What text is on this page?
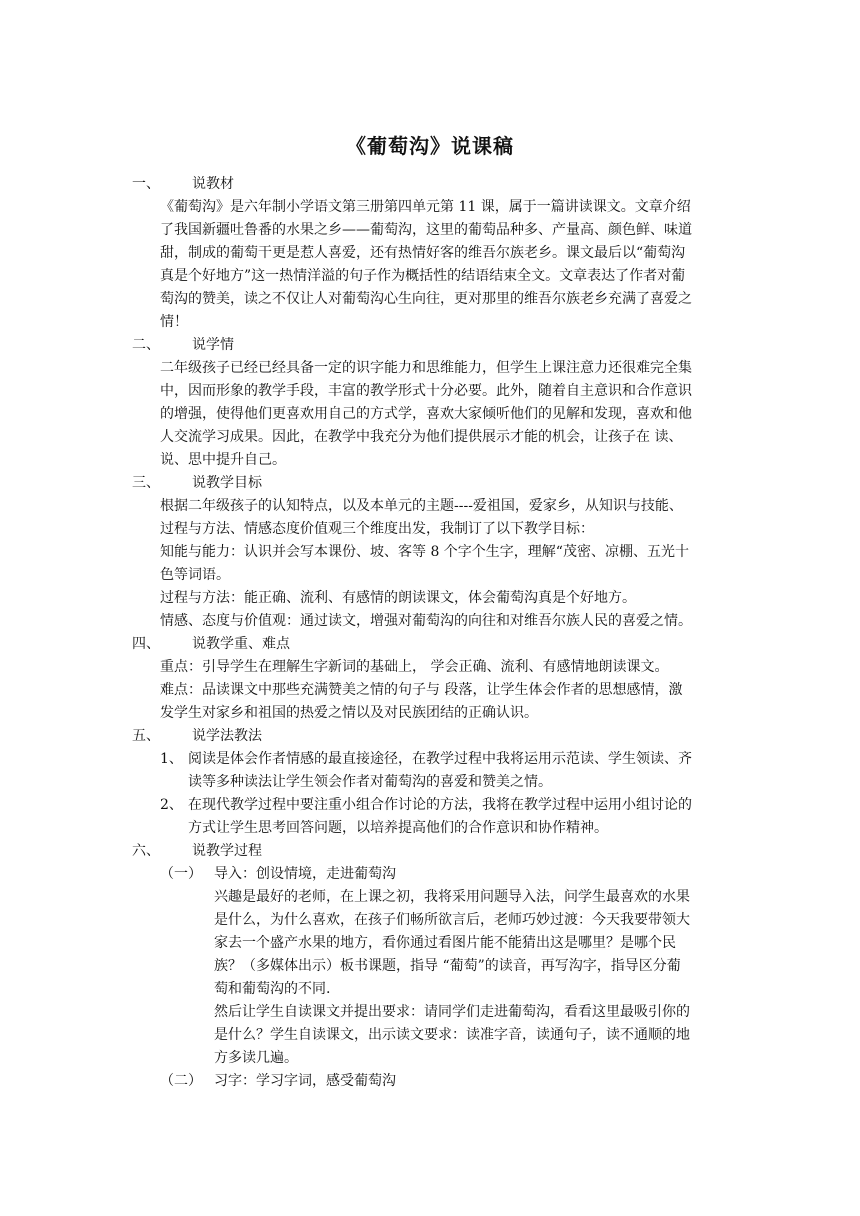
《葡萄沟》说课稿
一、 说教材
《葡萄沟》是六年制小学语文第三册第四单元第 11 课，属于一篇讲读课文。文章介绍
了我国新疆吐鲁番的水果之乡——葡萄沟，这里的葡萄品种多、产量高、颜色鲜、味道
甜，制成的葡萄干更是惹人喜爱，还有热情好客的维吾尔族老乡。课文最后以“葡萄沟
真是个好地方”这一热情洋溢的句子作为概括性的结语结束全文。文章表达了作者对葡
萄沟的赞美，读之不仅让人对葡萄沟心生向往，更对那里的维吾尔族老乡充满了喜爱之
情！
二、 说学情
二年级孩子已经已经具备一定的识字能力和思维能力，但学生上课注意力还很难完全集
中，因而形象的教学手段，丰富的教学形式十分必要。此外，随着自主意识和合作意识
的增强，使得他们更喜欢用自己的方式学，喜欢大家倾听他们的见解和发现，喜欢和他
人交流学习成果。因此，在教学中我充分为他们提供展示才能的机会，让孩子在 读、
说、思中提升自己。
三、 说教学目标
根据二年级孩子的认知特点，以及本单元的主题----爱祖国，爱家乡，从知识与技能、
过程与方法、情感态度价值观三个维度出发，我制订了以下教学目标：
知能与能力：认识并会写本课份、坡、客等 8 个字个生字，理解“茂密、凉棚、五光十
色等词语。
过程与方法：能正确、流利、有感情的朗读课文，体会葡萄沟真是个好地方。
情感、态度与价值观：通过读文，增强对葡萄沟的向往和对维吾尔族人民的喜爱之情。
四、 说教学重、难点
重点：引导学生在理解生字新词的基础上， 学会正确、流利、有感情地朗读课文。
难点：品读课文中那些充满赞美之情的句子与 段落，让学生体会作者的思想感情，激
发学生对家乡和祖国的热爱之情以及对民族团结的正确认识。
五、 说学法教法
1、 阅读是体会作者情感的最直接途径，在教学过程中我将运用示范读、学生领读、齐
读等多种读法让学生领会作者对葡萄沟的喜爱和赞美之情。
2、 在现代教学过程中要注重小组合作讨论的方法，我将在教学过程中运用小组讨论的
方式让学生思考回答问题，以培养提高他们的合作意识和协作精神。
六、 说教学过程
（一） 导入：创设情境，走进葡萄沟
兴趣是最好的老师，在上课之初，我将采用问题导入法，问学生最喜欢的水果
是什么，为什么喜欢，在孩子们畅所欲言后，老师巧妙过渡：今天我要带领大
家去一个盛产水果的地方，看你通过看图片能不能猜出这是哪里？是哪个民
族？（多媒体出示）板书课题，指导 “葡萄”的读音，再写沟字，指导区分葡
萄和葡萄沟的不同.
然后让学生自读课文并提出要求：请同学们走进葡萄沟，看看这里最吸引你的
是什么？学生自读课文，出示读文要求：读准字音，读通句子，读不通顺的地
方多读几遍。
（二） 习字：学习字词，感受葡萄沟
